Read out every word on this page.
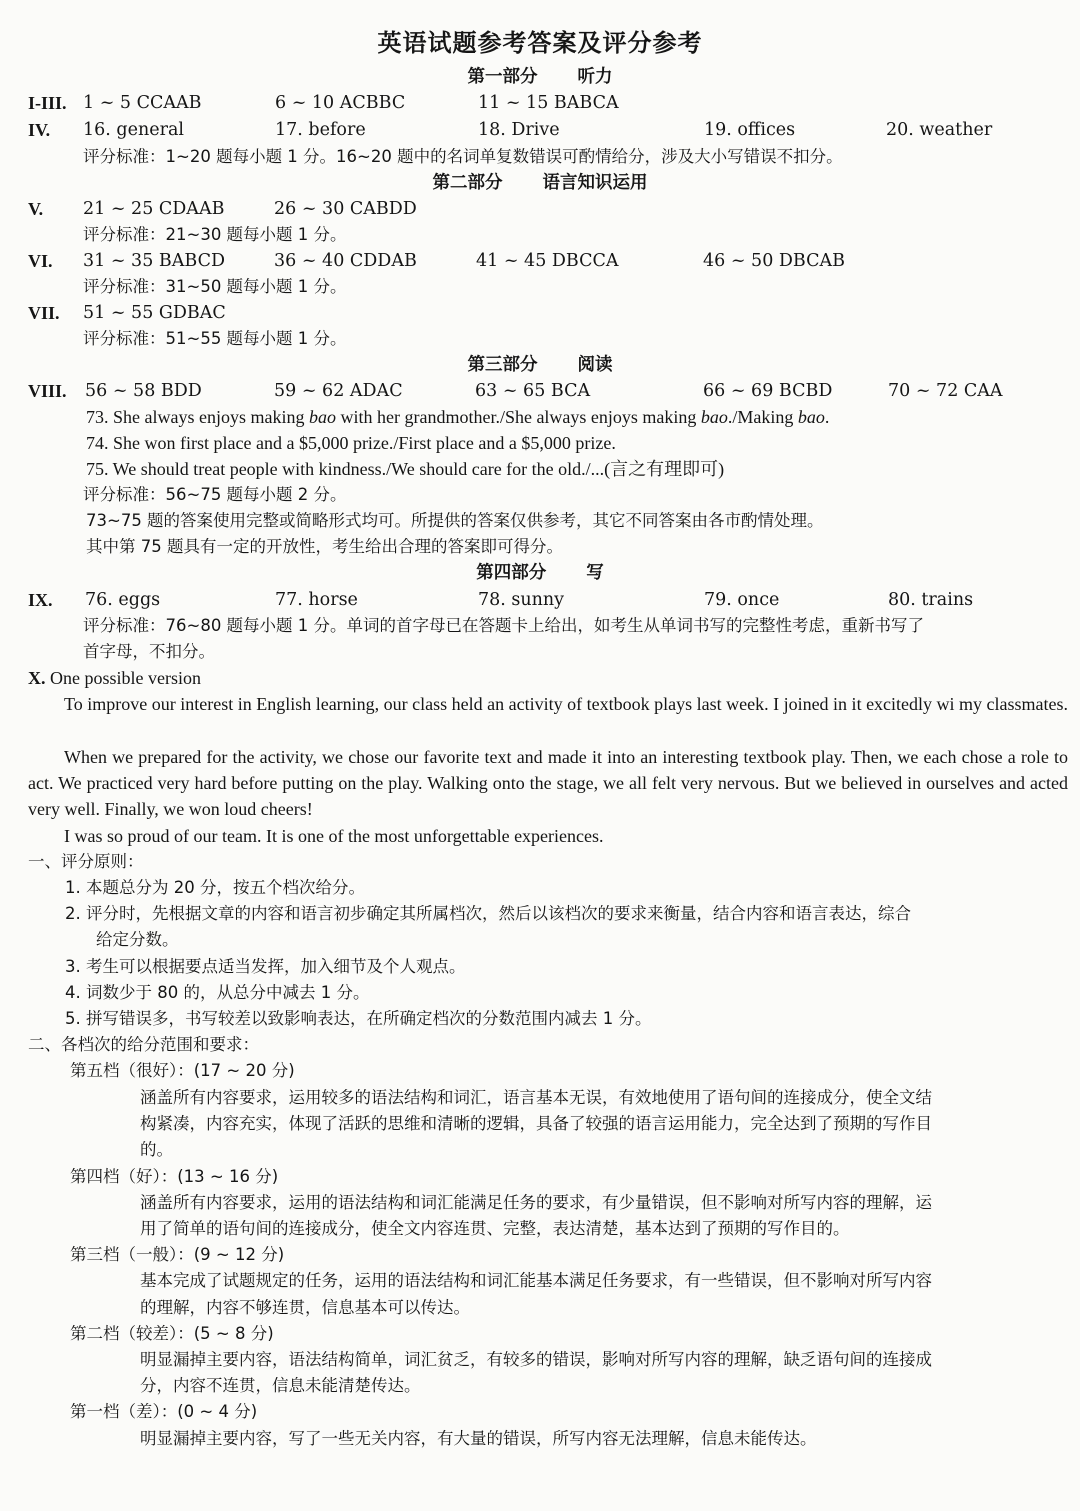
英语试题参考答案及评分参考
第一部分 听力
I-III. 1 ~ 5 CCAAB	6 ~ 10 ACBBC	11 ~ 15 BABCA
IV. 16. general	17. before	18. Drive	19. offices	20. weather
评分标准：1~20 题每小题 1 分。16~20 题中的名词单复数错误可酌情给分，涉及大小写错误不扣分。
第二部分 语言知识运用
V. 21 ~ 25 CDAAB	26 ~ 30 CABDD
评分标准：21~30 题每小题 1 分。
VI. 31 ~ 35 BABCD	36 ~ 40 CDDAB	41 ~ 45 DBCCA	46 ~ 50 DBCAB
评分标准：31~50 题每小题 1 分。
VII. 51 ~ 55 GDBAC
评分标准：51~55 题每小题 1 分。
第三部分 阅读
VIII. 56 ~ 58 BDD	59 ~ 62 ADAC	63 ~ 65 BCA	66 ~ 69 BCBD	70 ~ 72 CAA
73. She always enjoys making bao with her grandmother./She always enjoys making bao./Making bao.
74. She won first place and a $5,000 prize./First place and a $5,000 prize.
75. We should treat people with kindness./We should care for the old./...(言之有理即可)
评分标准：56~75 题每小题 2 分。
73~75 题的答案使用完整或简略形式均可。所提供的答案仅供参考，其它不同答案由各市酌情处理。
其中第 75 题具有一定的开放性，考生给出合理的答案即可得分。
第四部分 写
IX. 76. eggs	77. horse	78. sunny	79. once	80. trains
评分标准：76~80 题每小题 1 分。单词的首字母已在答题卡上给出，如考生从单词书写的完整性考虑，重新书写了
首字母，不扣分。
X. One possible version
To improve our interest in English learning, our class held an activity of textbook plays last week. I joined in it excitedly wi my classmates.
When we prepared for the activity, we chose our favorite text and made it into an interesting textbook play. Then, we each chose a role to act. We practiced very hard before putting on the play. Walking onto the stage, we all felt very nervous. But we believed in ourselves and acted very well. Finally, we won loud cheers!
I was so proud of our team. It is one of the most unforgettable experiences.
一、评分原则：
1. 本题总分为 20 分，按五个档次给分。
2. 评分时，先根据文章的内容和语言初步确定其所属档次，然后以该档次的要求来衡量，结合内容和语言表达，综合
给定分数。
3. 考生可以根据要点适当发挥，加入细节及个人观点。
4. 词数少于 80 的，从总分中减去 1 分。
5. 拼写错误多，书写较差以致影响表达，在所确定档次的分数范围内减去 1 分。
二、各档次的给分范围和要求：
第五档（很好）：(17 ~ 20 分)
涵盖所有内容要求，运用较多的语法结构和词汇，语言基本无误，有效地使用了语句间的连接成分，使全文结
构紧凑，内容充实，体现了活跃的思维和清晰的逻辑，具备了较强的语言运用能力，完全达到了预期的写作目
的。
第四档（好）：(13 ~ 16 分)
涵盖所有内容要求，运用的语法结构和词汇能满足任务的要求，有少量错误，但不影响对所写内容的理解，运
用了简单的语句间的连接成分，使全文内容连贯、完整，表达清楚，基本达到了预期的写作目的。
第三档（一般）：(9 ~ 12 分)
基本完成了试题规定的任务，运用的语法结构和词汇能基本满足任务要求，有一些错误，但不影响对所写内容
的理解，内容不够连贯，信息基本可以传达。
第二档（较差）：(5 ~ 8 分)
明显漏掉主要内容，语法结构简单，词汇贫乏，有较多的错误，影响对所写内容的理解，缺乏语句间的连接成
分，内容不连贯，信息未能清楚传达。
第一档（差）：(0 ~ 4 分)
明显漏掉主要内容，写了一些无关内容，有大量的错误，所写内容无法理解，信息未能传达。
